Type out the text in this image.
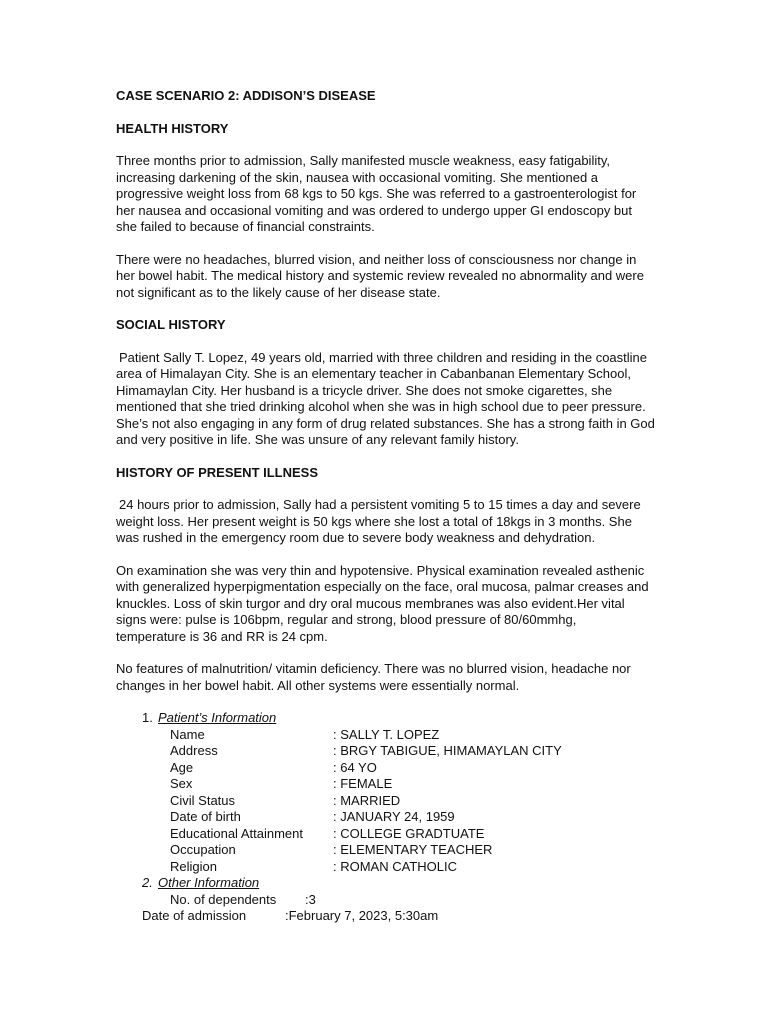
CASE SCENARIO 2: ADDISON’S DISEASE

HEALTH HISTORY

Three months prior to admission, Sally manifested muscle weakness, easy fatigability,
increasing darkening of the skin, nausea with occasional vomiting. She mentioned a
progressive weight loss from 68 kgs to 50 kgs. She was referred to a gastroenterologist for
her nausea and occasional vomiting and was ordered to undergo upper GI endoscopy but
she failed to because of financial constraints.
There were no headaches, blurred vision, and neither loss of consciousness nor change in
her bowel habit. The medical history and systemic review revealed no abnormality and were
not significant as to the likely cause of her disease state.

SOCIAL HISTORY

Patient Sally T. Lopez, 49 years old, married with three children and residing in the coastline
area of Himalayan City. She is an elementary teacher in Cabanbanan Elementary School,
Himamaylan City. Her husband is a tricycle driver. She does not smoke cigarettes, she
mentioned that she tried drinking alcohol when she was in high school due to peer pressure.
She’s not also engaging in any form of drug related substances. She has a strong faith in God
and very positive in life. She was unsure of any relevant family history.

HISTORY OF PRESENT ILLNESS

24 hours prior to admission, Sally had a persistent vomiting 5 to 15 times a day and severe
weight loss. Her present weight is 50 kgs where she lost a total of 18kgs in 3 months. She
was rushed in the emergency room due to severe body weakness and dehydration.
On examination she was very thin and hypotensive. Physical examination revealed asthenic
with generalized hyperpigmentation especially on the face, oral mucosa, palmar creases and
knuckles. Loss of skin turgor and dry oral mucous membranes was also evident.Her vital
signs were: pulse is 106bpm, regular and strong, blood pressure of 80/60mmhg,
temperature is 36 and RR is 24 cpm.
No features of malnutrition/ vitamin deficiency. There was no blurred vision, headache nor
changes in her bowel habit. All other systems were essentially normal.
1. Patient’s Information
Name	: SALLY T. LOPEZ
Address	: BRGY TABIGUE, HIMAMAYLAN CITY
Age	: 64 YO
Sex	: FEMALE
Civil Status	: MARRIED
Date of birth	: JANUARY 24, 1959
Educational Attainment	: COLLEGE GRADTUATE
Occupation	: ELEMENTARY TEACHER
Religion	: ROMAN CATHOLIC
2. Other Information
No. of dependents	:3
Date of admission	:February 7, 2023, 5:30am
